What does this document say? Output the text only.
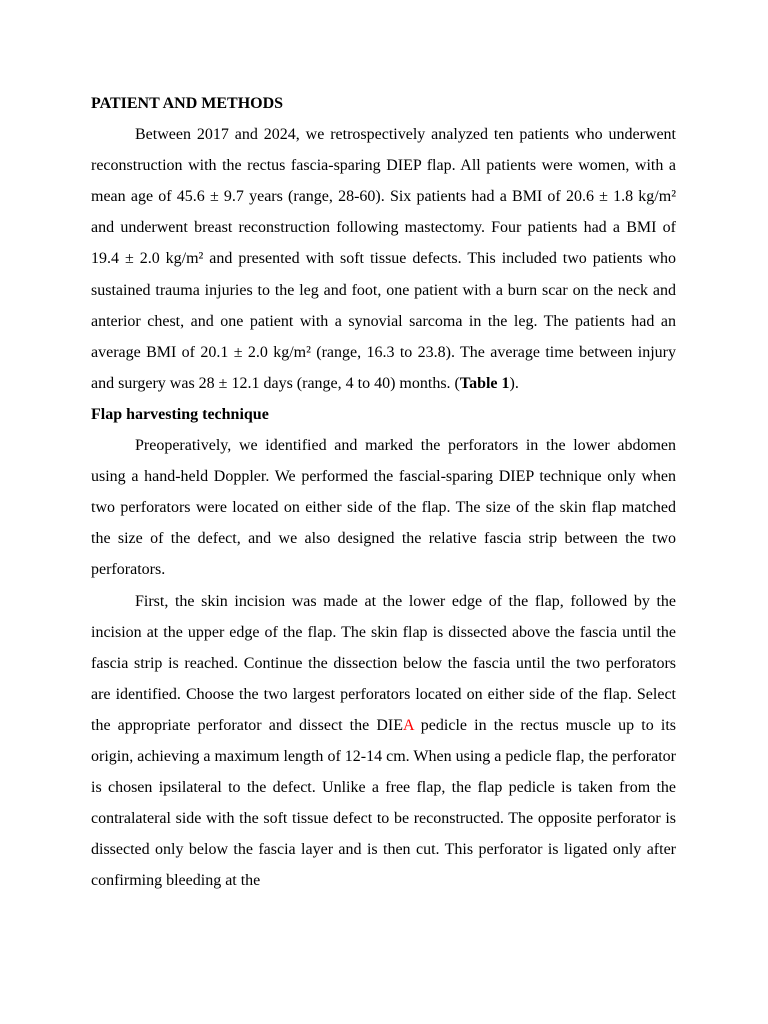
PATIENT AND METHODS

Between 2017 and 2024, we retrospectively analyzed ten patients who underwent reconstruction with the rectus fascia-sparing DIEP flap. All patients were women, with a mean age of 45.6 ± 9.7 years (range, 28-60). Six patients had a BMI of 20.6 ± 1.8 kg/m² and underwent breast reconstruction following mastectomy. Four patients had a BMI of 19.4 ± 2.0 kg/m² and presented with soft tissue defects. This included two patients who sustained trauma injuries to the leg and foot, one patient with a burn scar on the neck and anterior chest, and one patient with a synovial sarcoma in the leg. The patients had an average BMI of 20.1 ± 2.0 kg/m² (range, 16.3 to 23.8). The average time between injury and surgery was 28 ± 12.1 days (range, 4 to 40) months. (Table 1).

Flap harvesting technique

Preoperatively, we identified and marked the perforators in the lower abdomen using a hand-held Doppler. We performed the fascial-sparing DIEP technique only when two perforators were located on either side of the flap. The size of the skin flap matched the size of the defect, and we also designed the relative fascia strip between the two perforators.

First, the skin incision was made at the lower edge of the flap, followed by the incision at the upper edge of the flap. The skin flap is dissected above the fascia until the fascia strip is reached. Continue the dissection below the fascia until the two perforators are identified. Choose the two largest perforators located on either side of the flap. Select the appropriate perforator and dissect the DIEA pedicle in the rectus muscle up to its origin, achieving a maximum length of 12-14 cm. When using a pedicle flap, the perforator is chosen ipsilateral to the defect. Unlike a free flap, the flap pedicle is taken from the contralateral side with the soft tissue defect to be reconstructed. The opposite perforator is dissected only below the fascia layer and is then cut. This perforator is ligated only after confirming bleeding at the
